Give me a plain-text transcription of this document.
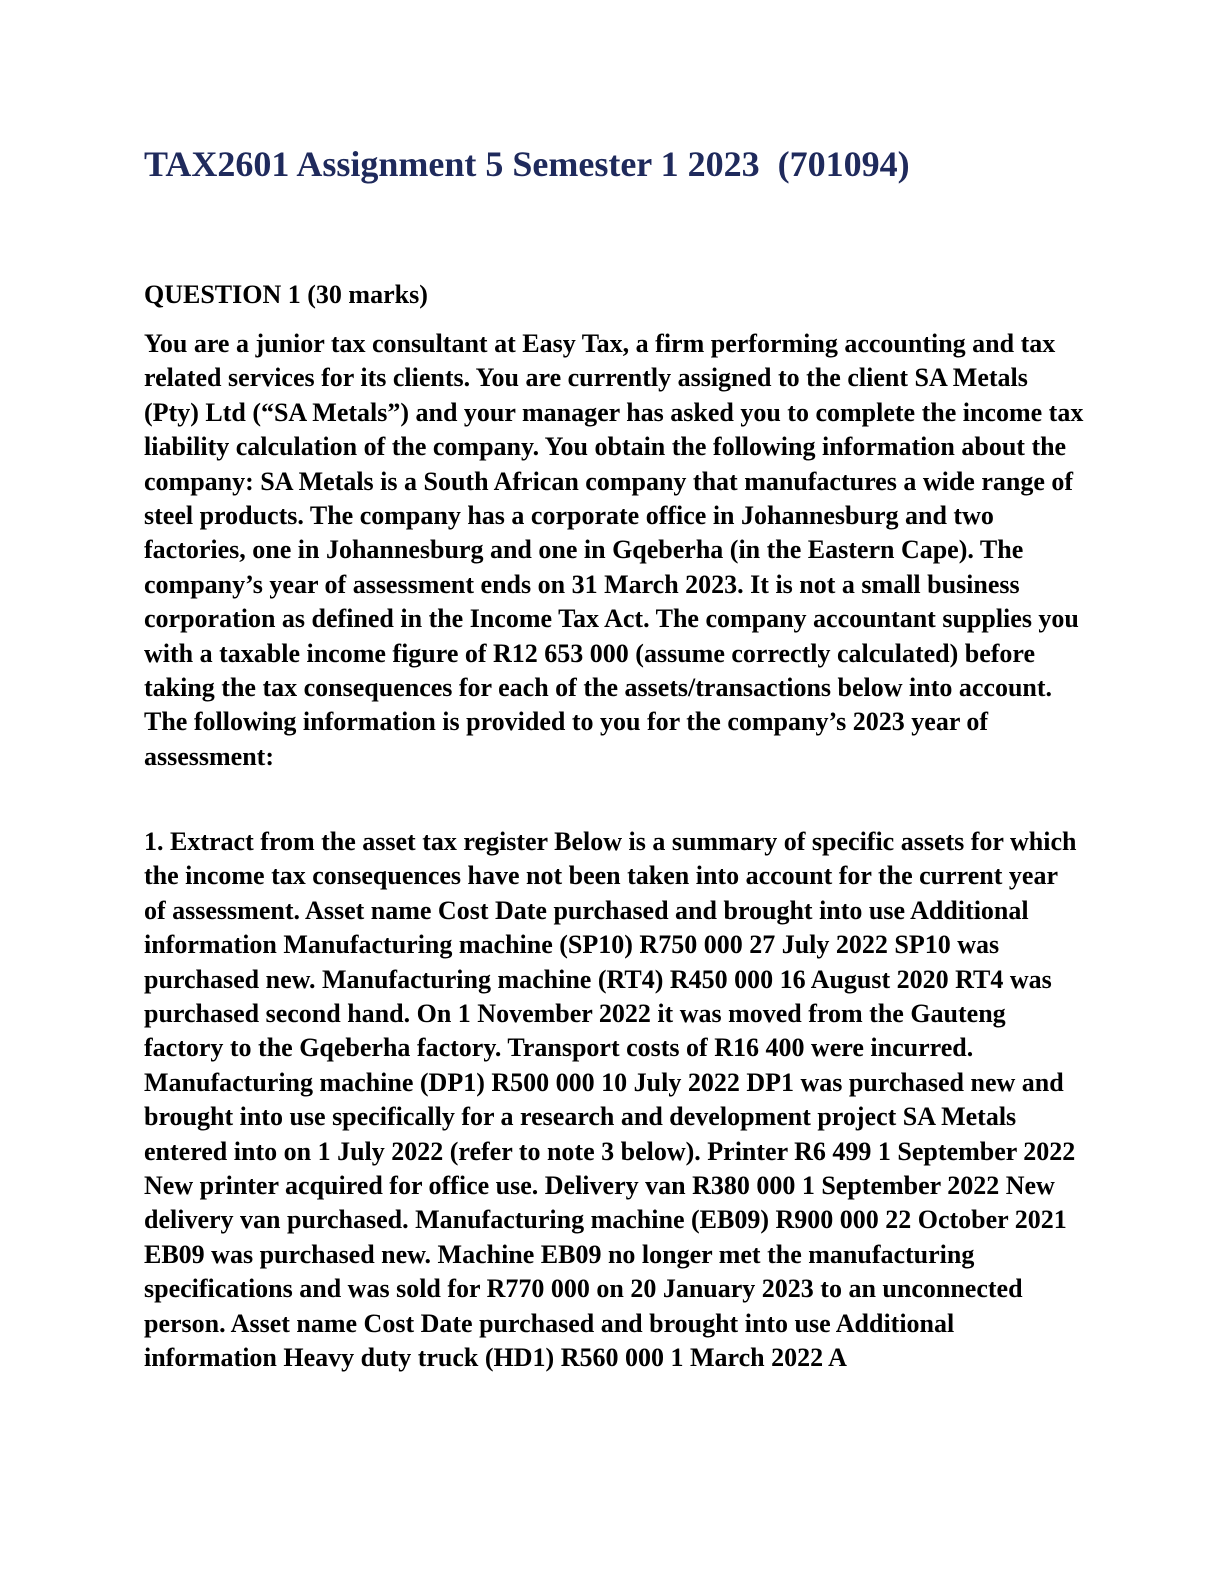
TAX2601 Assignment 5 Semester 1 2023  (701094)
QUESTION 1 (30 marks)

You are a junior tax consultant at Easy Tax, a firm performing accounting and tax related services for its clients. You are currently assigned to the client SA Metals (Pty) Ltd (“SA Metals”) and your manager has asked you to complete the income tax liability calculation of the company. You obtain the following information about the company: SA Metals is a South African company that manufactures a wide range of steel products. The company has a corporate office in Johannesburg and two factories, one in Johannesburg and one in Gqeberha (in the Eastern Cape). The company’s year of assessment ends on 31 March 2023. It is not a small business corporation as defined in the Income Tax Act. The company accountant supplies you with a taxable income figure of R12 653 000 (assume correctly calculated) before taking the tax consequences for each of the assets/transactions below into account. The following information is provided to you for the company’s 2023 year of assessment:

1. Extract from the asset tax register Below is a summary of specific assets for which the income tax consequences have not been taken into account for the current year of assessment. Asset name Cost Date purchased and brought into use Additional information Manufacturing machine (SP10) R750 000 27 July 2022 SP10 was purchased new. Manufacturing machine (RT4) R450 000 16 August 2020 RT4 was purchased second hand. On 1 November 2022 it was moved from the Gauteng factory to the Gqeberha factory. Transport costs of R16 400 were incurred. Manufacturing machine (DP1) R500 000 10 July 2022 DP1 was purchased new and brought into use specifically for a research and development project SA Metals entered into on 1 July 2022 (refer to note 3 below). Printer R6 499 1 September 2022 New printer acquired for office use. Delivery van R380 000 1 September 2022 New delivery van purchased. Manufacturing machine (EB09) R900 000 22 October 2021 EB09 was purchased new. Machine EB09 no longer met the manufacturing specifications and was sold for R770 000 on 20 January 2023 to an unconnected person. Asset name Cost Date purchased and brought into use Additional information Heavy duty truck (HD1) R560 000 1 March 2022 A
